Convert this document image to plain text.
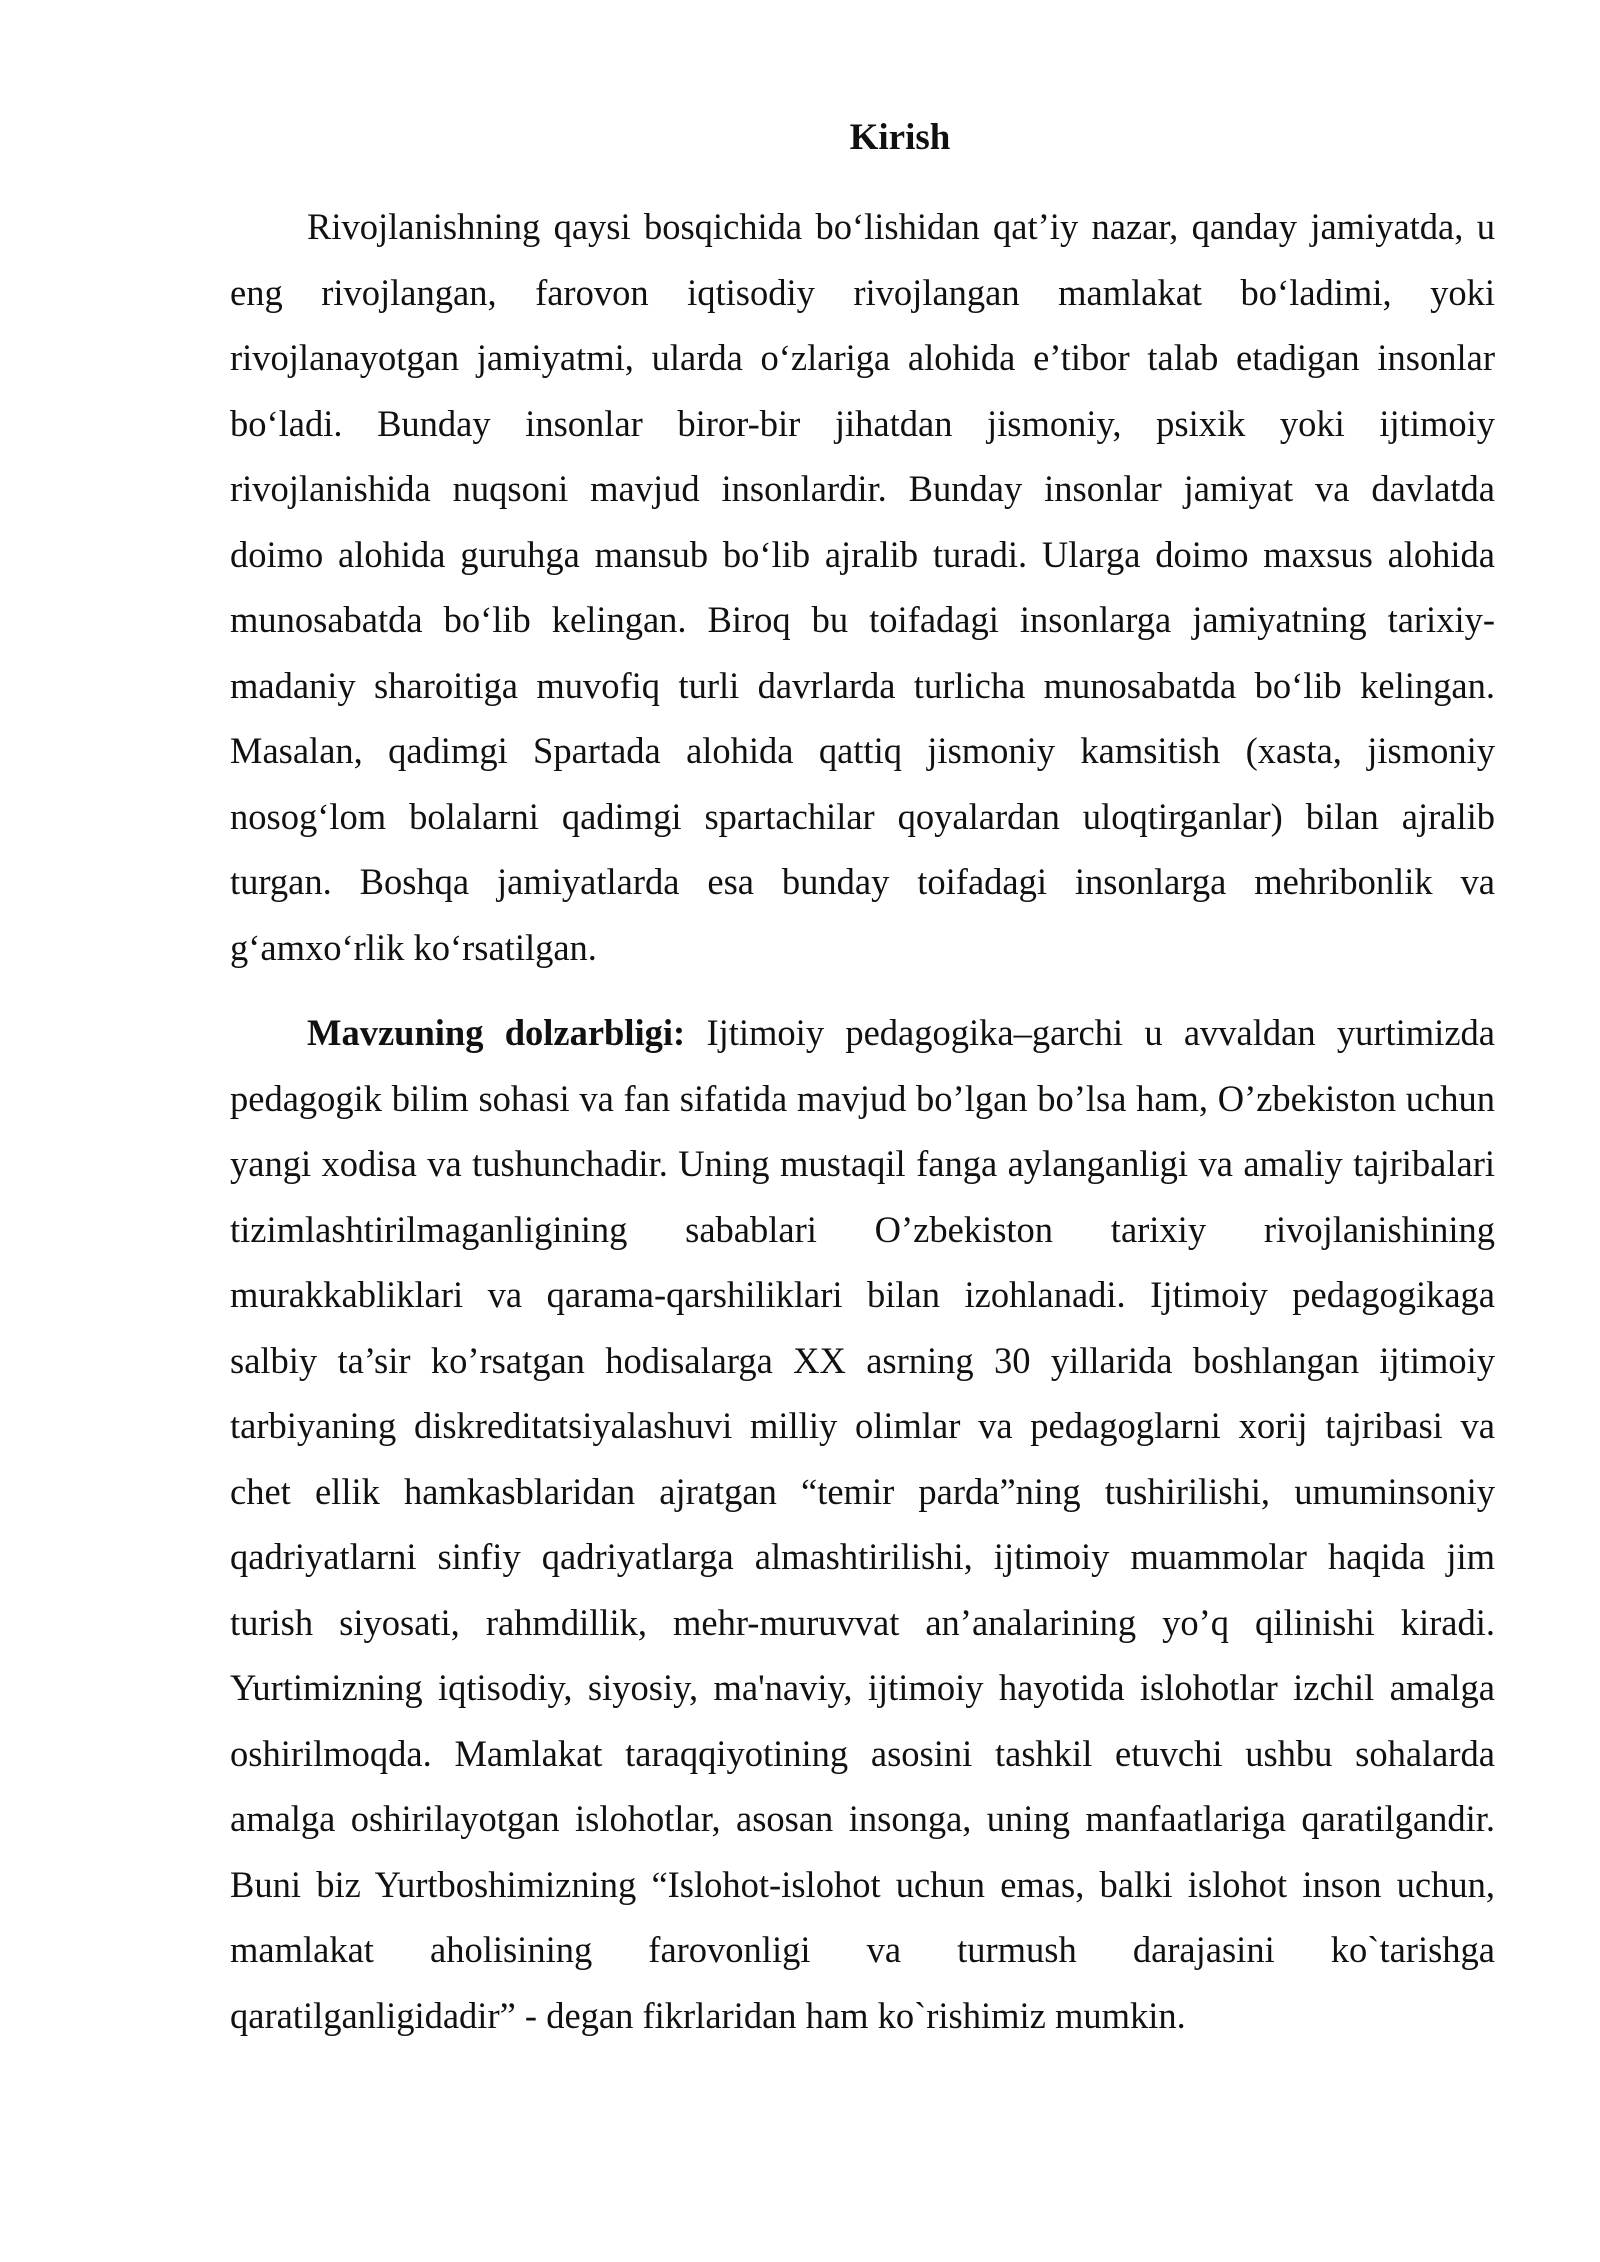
Kirish

Rivojlanishning qaysi bosqichida bo‘lishidan qat’iy nazar, qanday jamiyatda, u eng rivojlangan, farovon iqtisodiy rivojlangan mamlakat bo‘ladimi, yoki rivojlanayotgan jamiyatmi, ularda o‘zlariga alohida e’tibor talab etadigan insonlar bo‘ladi. Bunday insonlar biror-bir jihatdan jismoniy, psixik yoki ijtimoiy rivojlanishida nuqsoni mavjud insonlardir. Bunday insonlar jamiyat va davlatda doimo alohida guruhga mansub bo‘lib ajralib turadi. Ularga doimo maxsus alohida munosabatda bo‘lib kelingan. Biroq bu toifadagi insonlarga jamiyatning tarixiy-madaniy sharoitiga muvofiq turli davrlarda turlicha munosabatda bo‘lib kelingan. Masalan, qadimgi Spartada alohida qattiq jismoniy kamsitish (xasta, jismoniy nosog‘lom bolalarni qadimgi spartachilar qoyalardan uloqtirganlar) bilan ajralib turgan. Boshqa jamiyatlarda esa bunday toifadagi insonlarga mehribonlik va g‘amxo‘rlik ko‘rsatilgan.

Mavzuning dolzarbligi: Ijtimoiy pedagogika–garchi u avvaldan yurtimizda pedagogik bilim sohasi va fan sifatida mavjud bo’lgan bo’lsa ham, O’zbekiston uchun yangi xodisa va tushunchadir. Uning mustaqil fanga aylanganligi va amaliy tajribalari tizimlashtirilmaganligining sabablari O’zbekiston tarixiy rivojlanishining murakkabliklari va qarama-qarshiliklari bilan izohlanadi. Ijtimoiy pedagogikaga salbiy ta’sir ko’rsatgan hodisalarga XX asrning 30 yillarida boshlangan ijtimoiy tarbiyaning diskreditatsiyalashuvi milliy olimlar va pedagoglarni xorij tajribasi va chet ellik hamkasblaridan ajratgan “temir parda”ning tushirilishi, umuminsoniy qadriyatlarni sinfiy qadriyatlarga almashtirilishi, ijtimoiy muammolar haqida jim turish siyosati, rahmdillik, mehr-muruvvat an’analarining yo’q qilinishi kiradi. Yurtimizning iqtisodiy, siyosiy, ma'naviy, ijtimoiy hayotida islohotlar izchil amalga oshirilmoqda. Mamlakat taraqqiyotining asosini tashkil etuvchi ushbu sohalarda amalga oshirilayotgan islohotlar, asosan insonga, uning manfaatlariga qaratilgandir. Buni biz Yurtboshimizning “Islohot-islohot uchun emas, balki islohot inson uchun, mamlakat aholisining farovonligi va turmush darajasini ko`tarishga qaratilganligidadir” - degan fikrlaridan ham ko`rishimiz mumkin.
